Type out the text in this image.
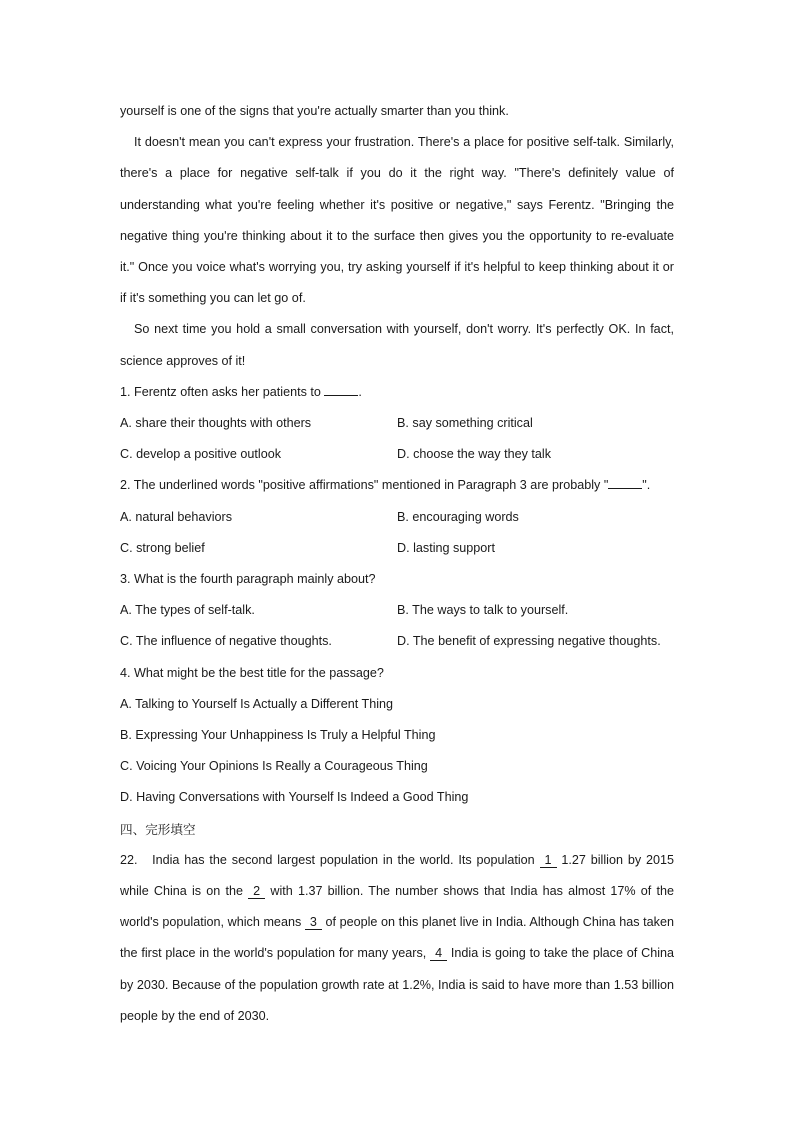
yourself is one of the signs that you're actually smarter than you think.

It doesn't mean you can't express your frustration. There's a place for positive self-talk. Similarly, there's a place for negative self-talk if you do it the right way. "There's definitely value of understanding what you're feeling whether it's positive or negative," says Ferentz. "Bringing the negative thing you're thinking about it to the surface then gives you the opportunity to re-evaluate it." Once you voice what's worrying you, try asking yourself if it's helpful to keep thinking about it or if it's something you can let go of.

So next time you hold a small conversation with yourself, don't worry. It's perfectly OK. In fact, science approves of it!

1. Ferentz often asks her patients to	.

A. share their thoughts with others	B. say something critical
C. develop a positive outlook	D. choose the way they talk

2. The underlined words "positive affirmations" mentioned in Paragraph 3 are probably "	".

A. natural behaviors	B. encouraging words
C. strong belief	D. lasting support

3. What is the fourth paragraph mainly about?

A. The types of self-talk.	B. The ways to talk to yourself.
C. The influence of negative thoughts.	D. The benefit of expressing negative thoughts.

4. What might be the best title for the passage?

A. Talking to Yourself Is Actually a Different Thing

B. Expressing Your Unhappiness Is Truly a Helpful Thing

C. Voicing Your Opinions Is Really a Courageous Thing

D. Having Conversations with Yourself Is Indeed a Good Thing

四、完形填空

22. India has the second largest population in the world. Its population 1 1.27 billion by 2015 while China is on the 2 with 1.37 billion. The number shows that India has almost 17% of the world's population, which means 3 of people on this planet live in India. Although China has taken the first place in the world's population for many years, 4 India is going to take the place of China by 2030. Because of the population growth rate at 1.2%, India is said to have more than 1.53 billion people by the end of 2030.
